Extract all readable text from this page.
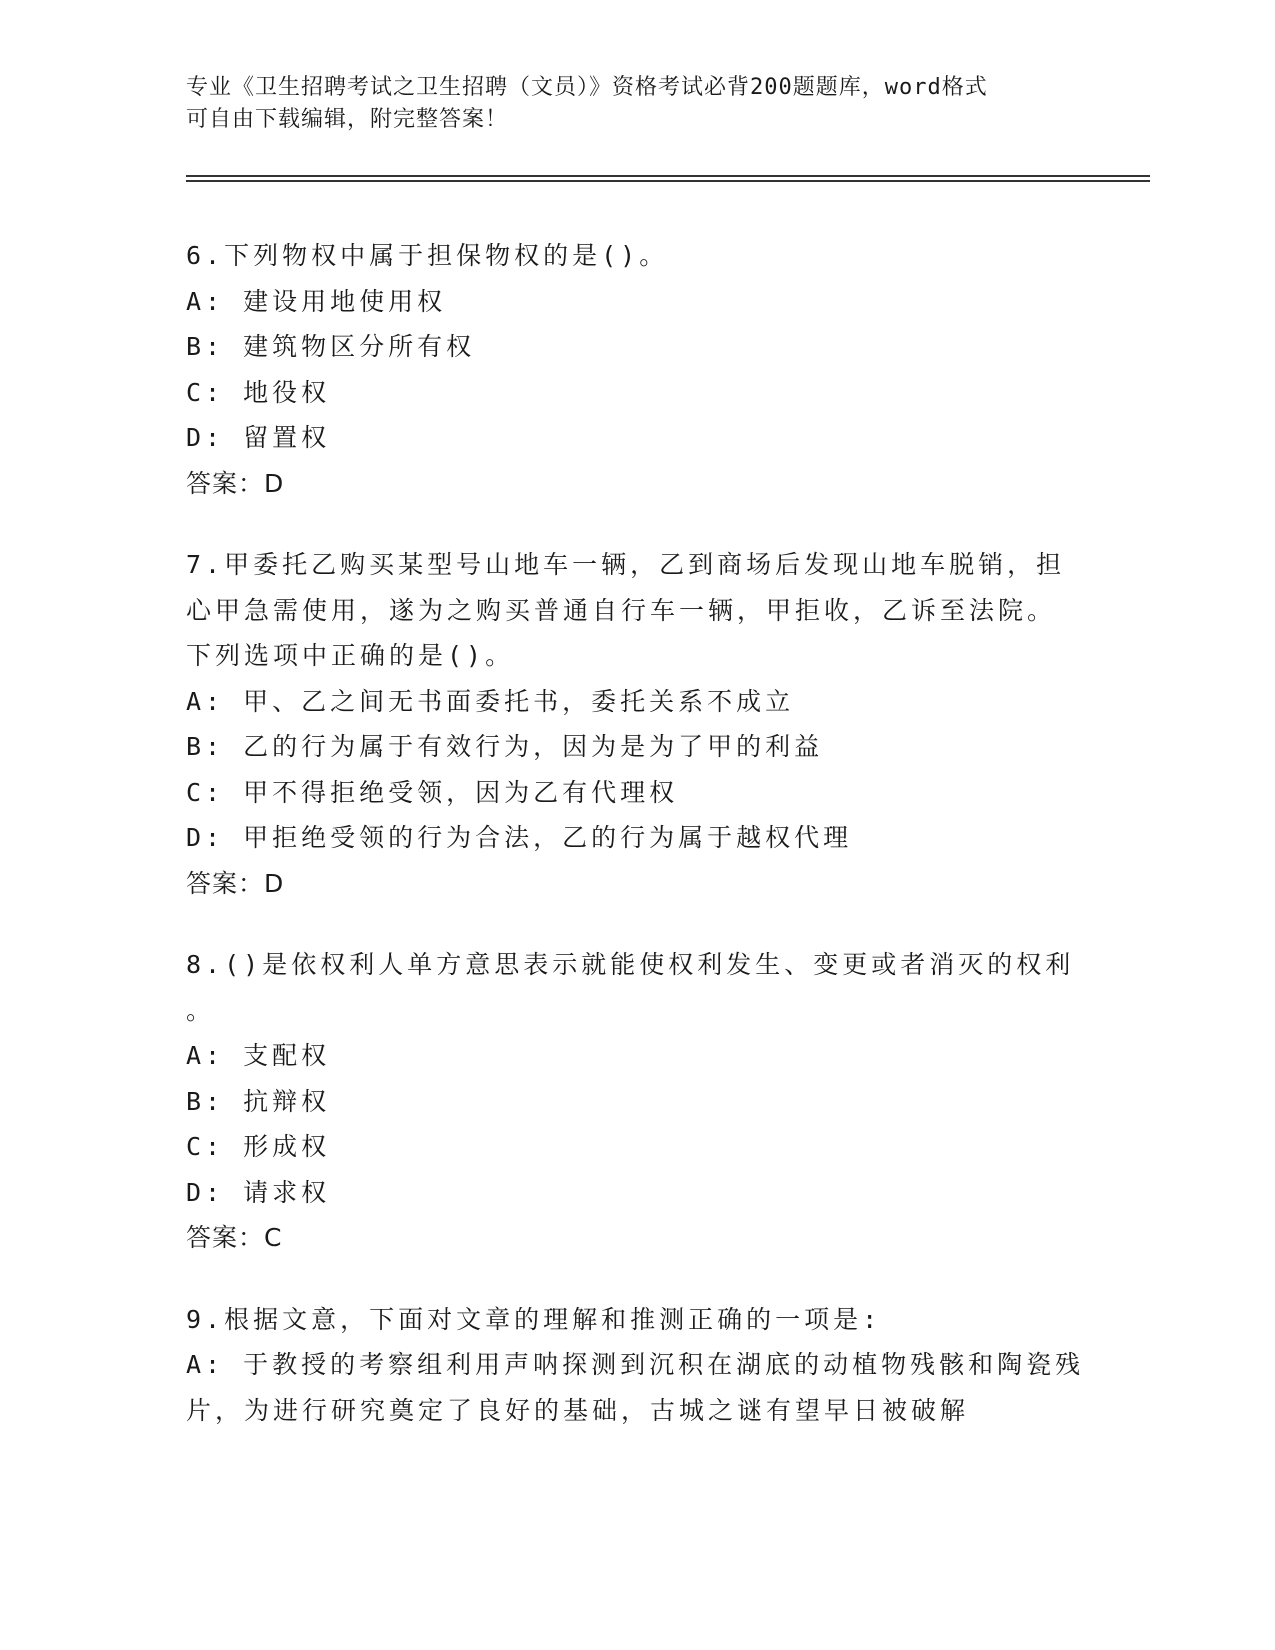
专业《卫生招聘考试之卫生招聘（文员）》资格考试必背200题题库，word格式
可自由下载编辑，附完整答案！
6.下列物权中属于担保物权的是()。
A: 建设用地使用权
B: 建筑物区分所有权
C: 地役权
D: 留置权
答案：D
7.甲委托乙购买某型号山地车一辆，乙到商场后发现山地车脱销，担
心甲急需使用，遂为之购买普通自行车一辆，甲拒收，乙诉至法院。
下列选项中正确的是()。
A: 甲、乙之间无书面委托书，委托关系不成立
B: 乙的行为属于有效行为，因为是为了甲的利益
C: 甲不得拒绝受领，因为乙有代理权
D: 甲拒绝受领的行为合法，乙的行为属于越权代理
答案：D
8.()是依权利人单方意思表示就能使权利发生、变更或者消灭的权利
。
A: 支配权
B: 抗辩权
C: 形成权
D: 请求权
答案：C
9.根据文意，下面对文章的理解和推测正确的一项是:
A: 于教授的考察组利用声呐探测到沉积在湖底的动植物残骸和陶瓷残
片，为进行研究奠定了良好的基础，古城之谜有望早日被破解
